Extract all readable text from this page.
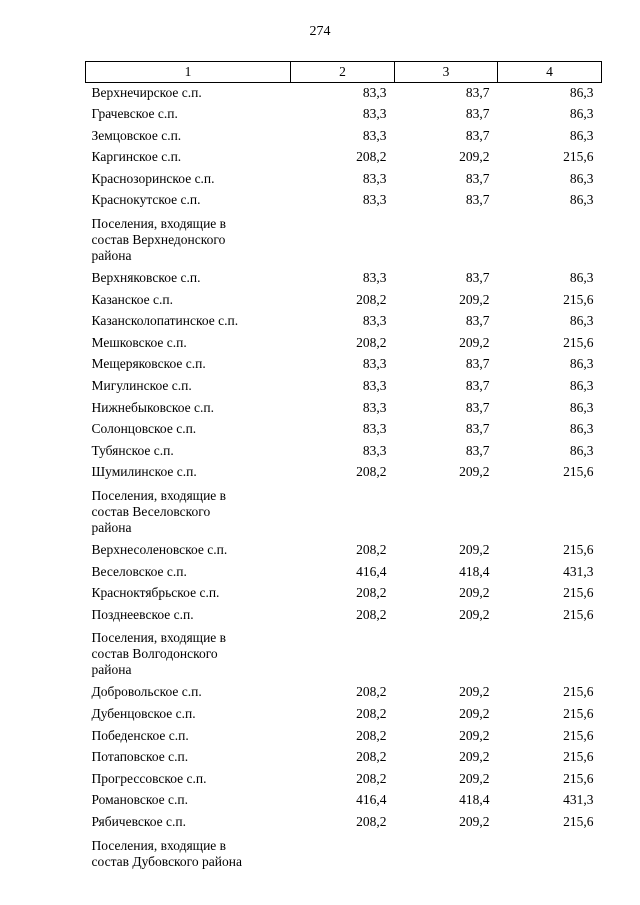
274
1	2	3	4
Верхнечирское с.п.	83,3	83,7	86,3
Грачевское с.п.	83,3	83,7	86,3
Земцовское с.п.	83,3	83,7	86,3
Каргинское с.п.	208,2	209,2	215,6
Краснозоринское с.п.	83,3	83,7	86,3
Краснокутское с.п.	83,3	83,7	86,3
Поселения, входящие в состав Верхнедонского района			
Верхняковское с.п.	83,3	83,7	86,3
Казанское с.п.	208,2	209,2	215,6
Казансколопатинское с.п.	83,3	83,7	86,3
Мешковское с.п.	208,2	209,2	215,6
Мещеряковское с.п.	83,3	83,7	86,3
Мигулинское с.п.	83,3	83,7	86,3
Нижнебыковское с.п.	83,3	83,7	86,3
Солонцовское с.п.	83,3	83,7	86,3
Тубянское с.п.	83,3	83,7	86,3
Шумилинское с.п.	208,2	209,2	215,6
Поселения, входящие в состав Веселовского района			
Верхнесоленовское с.п.	208,2	209,2	215,6
Веселовское с.п.	416,4	418,4	431,3
Красноктябрьское с.п.	208,2	209,2	215,6
Позднеевское с.п.	208,2	209,2	215,6
Поселения, входящие в состав Волгодонского района			
Добровольское с.п.	208,2	209,2	215,6
Дубенцовское с.п.	208,2	209,2	215,6
Победенское с.п.	208,2	209,2	215,6
Потаповское с.п.	208,2	209,2	215,6
Прогрессовское с.п.	208,2	209,2	215,6
Романовское с.п.	416,4	418,4	431,3
Рябичевское с.п.	208,2	209,2	215,6
Поселения, входящие в состав Дубовского района			
